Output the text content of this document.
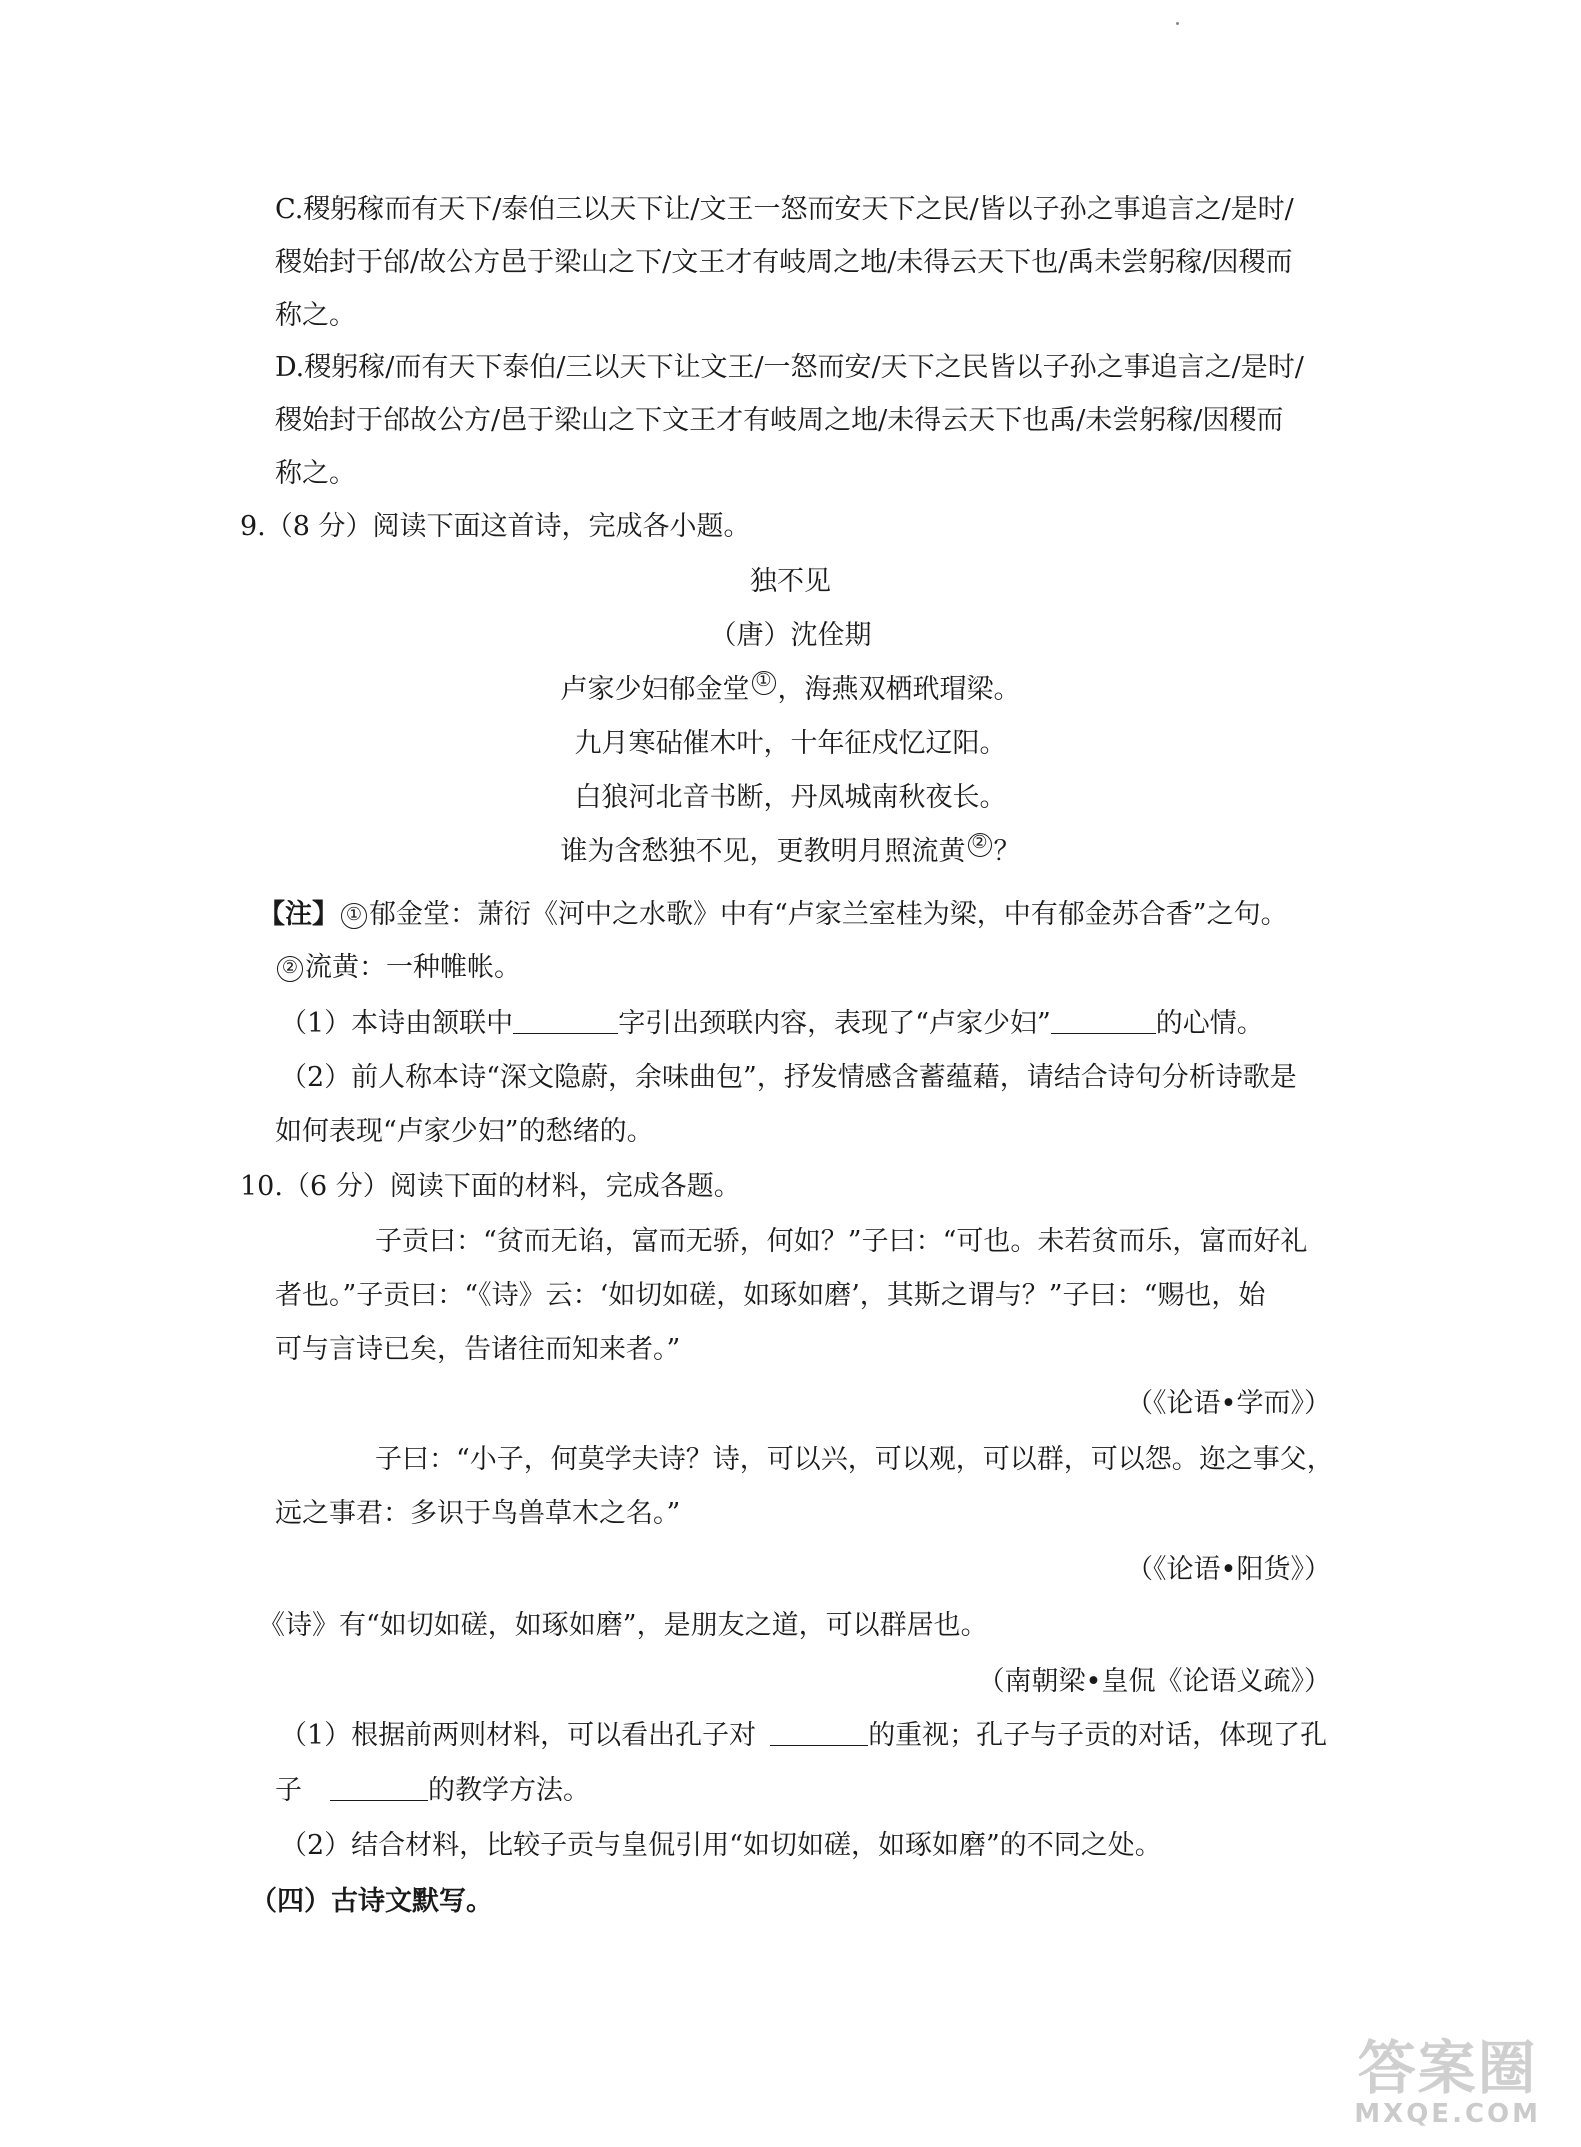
C.稷躬稼而有天下/泰伯三以天下让/文王一怒而安天下之民/皆以子孙之事追言之/是时/
稷始封于邰/故公方邑于梁山之下/文王才有岐周之地/未得云天下也/禹未尝躬稼/因稷而
称之。
D.稷躬稼/而有天下泰伯/三以天下让文王/一怒而安/天下之民皆以子孙之事追言之/是时/
稷始封于邰故公方/邑于梁山之下文王才有岐周之地/未得云天下也禹/未尝躬稼/因稷而
称之。
9.（8 分）阅读下面这首诗，完成各小题。
独不见
（唐）沈佺期
卢家少妇郁金堂 ① ，海燕双栖玳瑁梁。
九月寒砧催木叶，十年征戍忆辽阳。
白狼河北音书断，丹凤城南秋夜长。
谁为含愁独不见，更教明月照流黄 ② ？
【注】 ① 郁金堂：萧衍《河中之水歌》中有“卢家兰室桂为梁，中有郁金苏合香”之句。
② 流黄：一种帷帐。
（1）本诗由颔联中	字引出颈联内容，表现了“卢家少妇”	的心情。
（2）前人称本诗“深文隐蔚，余味曲包”，抒发情感含蓄蕴藉，请结合诗句分析诗歌是
如何表现“卢家少妇”的愁绪的。
10.（6 分）阅读下面的材料，完成各题。
子贡曰：“贫而无谄，富而无骄，何如？”子曰：“可也。未若贫而乐，富而好礼
者也。”子贡曰：“《诗》云：‘如切如磋，如琢如磨’，其斯之谓与？”子曰：“赐也，始
可与言诗已矣，告诸往而知来者。”
（《论语•学而》）
子曰：“小子，何莫学夫诗？诗，可以兴，可以观，可以群，可以怨。迩之事父，
远之事君：多识于鸟兽草木之名。”
（《论语•阳货》）
《诗》有“如切如磋，如琢如磨”，是朋友之道，可以群居也。
（南朝梁•皇侃《论语义疏》）
（1）根据前两则材料，可以看出孔子对	的重视；孔子与子贡的对话，体现了孔
子	的教学方法。
（2）结合材料，比较子贡与皇侃引用“如切如磋，如琢如磨”的不同之处。
（四）古诗文默写。
答案圈
MXQE.COM
